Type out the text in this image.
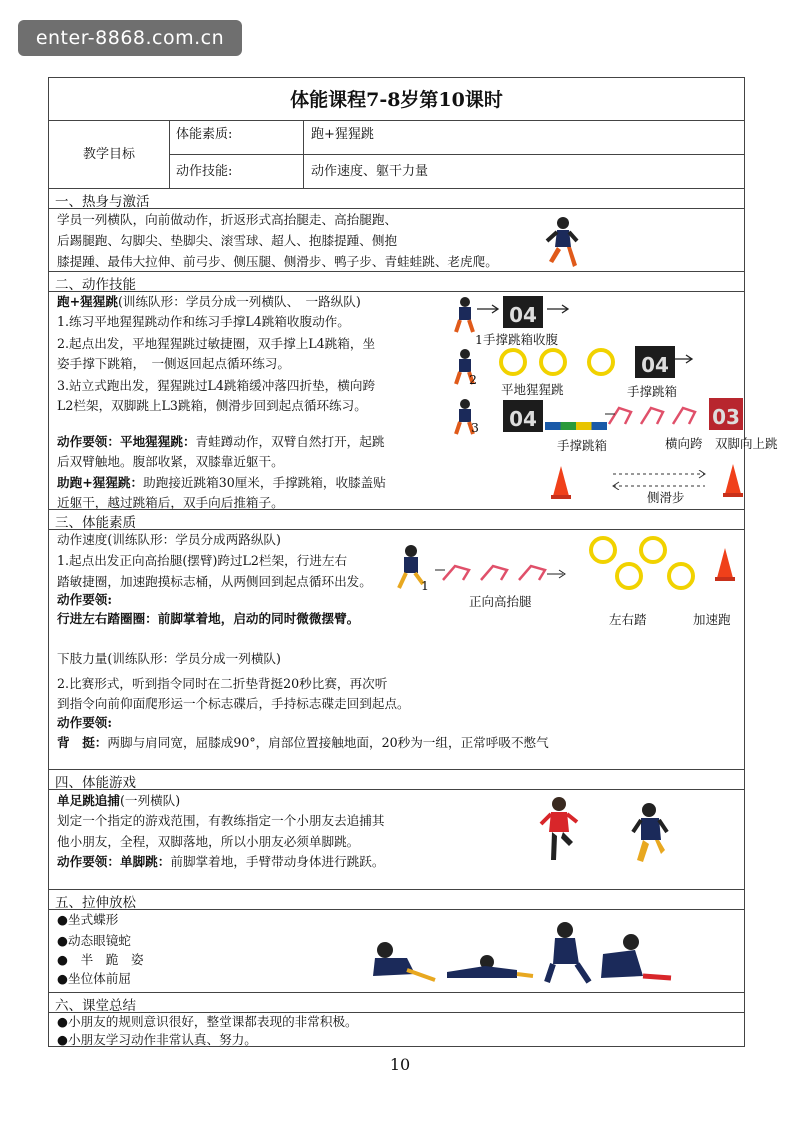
enter-8868.com.cn
体能课程7-8岁第10课时
教学目标
体能素质:	跑+猩猩跳
动作技能:	动作速度、躯干力量
一、热身与激活
学员一列横队，向前做动作，折返形式高抬腿走、高抬腿跑、
后踢腿跑、勾脚尖、垫脚尖、滚雪球、超人、抱膝提踵、侧抱
膝提踵、最伟大拉伸、前弓步、侧压腿、侧滑步、鸭子步、青蛙蛙跳、老虎爬。
二、动作技能
跑+猩猩跳(训练队形：学员分成一列横队、　一路纵队)
1.练习平地猩猩跳动作和练习手撑L4跳箱收腹动作。
2.起点出发，平地猩猩跳过敏捷圈，双手撑上L4跳箱，坐
姿手撑下跳箱，　一侧返回起点循环练习。
3.站立式跑出发，猩猩跳过L4跳箱缓冲落四折垫，横向跨
L2栏架，双脚跳上L3跳箱，侧滑步回到起点循环练习。
动作要领：平地猩猩跳：青蛙蹲动作，双臂自然打开，起跳
后双臂触地。腹部收紧，双膝靠近躯干。
助跑+猩猩跳：助跑接近跳箱30厘米，手撑跳箱，收膝盖贴
近躯干，越过跳箱后，双手向后推箱子。
04
1手撑跳箱收腹
2
04
平地猩猩跳	手撑跳箱
3	04	03
手撑跳箱	横向跨 双脚向上跳
侧滑步
三、体能素质
动作速度(训练队形：学员分成两路纵队)
1.起点出发正向高抬腿(摆臂)跨过L2栏架，行进左右
踏敏捷圈，加速跑摸标志桶，从两侧回到起点循环出发。
动作要领:
行进左右踏圈圈：前脚掌着地，启动的同时微微摆臂。
1
正向高抬腿
左右踏	加速跑
下肢力量(训练队形：学员分成一列横队)
2.比赛形式，听到指令同时在二折垫背挺20秒比赛，再次听
到指令向前仰面爬形运一个标志碟后，手持标志碟走回到起点。
动作要领:
背　挺：两脚与肩同宽，屈膝成90°，肩部位置接触地面，20秒为一组，正常呼吸不憋气
四、体能游戏
单足跳追捕(一列横队)
划定一个指定的游戏范围，有教练指定一个小朋友去追捕其
他小朋友，全程，双脚落地，所以小朋友必须单脚跳。
动作要领：单脚跳：前脚掌着地，手臂带动身体进行跳跃。
五、拉伸放松
●坐式蝶形
●动态眼镜蛇
●　半　跪　姿
●坐位体前屈
六、课堂总结
●小朋友的规则意识很好，整堂课都表现的非常积极。
●小朋友学习动作非常认真、努力。
10
